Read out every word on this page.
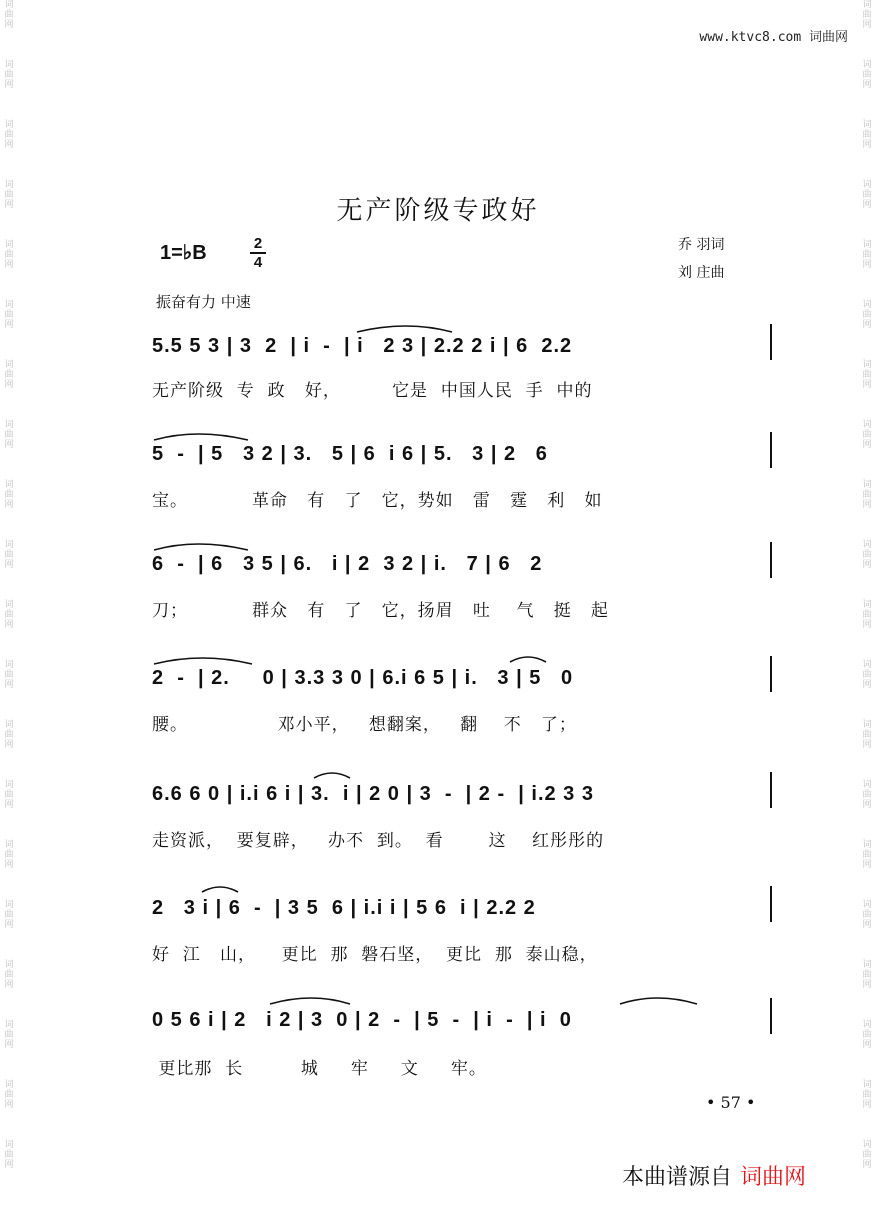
词
曲
网
词
曲
网
词
曲
网
词
曲
网
词
曲
网
词
曲
网
词
曲
网
词
曲
网
词
曲
网
词
曲
网
词
曲
网
词
曲
网
词
曲
网
词
曲
网
词
曲
网
词
曲
网
词
曲
网
词
曲
网
词
曲
网
词
曲
网
词
曲
网
词
曲
网
词
曲
网
词
曲
网
词
曲
网
词
曲
网
词
曲
网
词
曲
网
词
曲
网
词
曲
网
词
曲
网
词
曲
网
词
曲
网
词
曲
网
词
曲
网
词
曲
网
词
曲
网
词
曲
网
词
曲
网
词
曲
网
www.ktvc8.com 词曲网
无产阶级专政好
1=♭B	2
4
乔 羽词
刘 庄曲
振奋有力 中速
5.5 5 3 | 3  2  | i  -  | i   2 3 | 2.2 2 i | 6  2.2
无产阶级  专  政   好，        它是  中国人民  手  中的
5  -  | 5   3 2 | 3.   5 | 6  i 6 | 5.   3 | 2   6
宝。          革命   有   了   它，势如   雷   霆   利   如
6  -  | 6   3 5 | 6.   i | 2  3 2 | i.   7 | 6   2
刀；          群众   有   了   它，扬眉   吐    气   挺   起
2  -  | 2.     0 | 3.3 3 0 | 6.i 6 5 | i.   3 | 5   0
腰。              邓小平，   想翻案，   翻    不   了；
6.6 6 0 | i.i 6 i | 3.  i | 2 0 | 3  -  | 2 -  | i.2 3 3
走资派，  要复辟，   办不  到。  看       这    红彤彤的
2   3 i | 6  -  | 3 5  6 | i.i i | 5 6  i | 2.2 2
好  江   山，    更比  那  磐石坚，  更比  那  泰山稳，
0 5 6 i | 2   i 2 | 3  0 | 2  -  | 5  -  | i  -  | i  0
更比那  长         城     牢     文     牢。
• 57 •
本曲谱源自 词曲网
